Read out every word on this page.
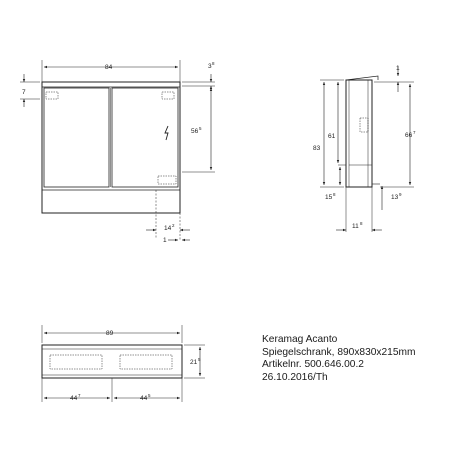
84	3 8
7
56 5
14 2
1
1
83
61	66 7
15 8	13 9
11 8
89
21 5
44 7	44 5
Keramag Acanto
Spiegelschrank, 890x830x215mm
Artikelnr. 500.646.00.2
26.10.2016/Th
